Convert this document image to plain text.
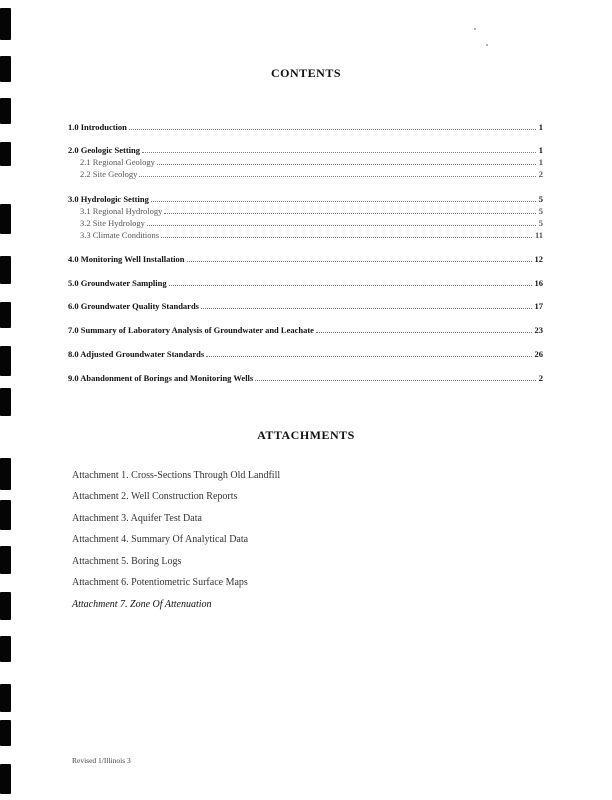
CONTENTS
1.0 Introduction	1
2.0 Geologic Setting	1
2.1 Regional Geology	1
2.2 Site Geology	2
3.0 Hydrologic Setting	5
3.1 Regional Hydrology	5
3.2 Site Hydrology	5
3.3 Climate Conditions	11
4.0 Monitoring Well Installation	12
5.0 Groundwater Sampling	16
6.0 Groundwater Quality Standards	17
7.0 Summary of Laboratory Analysis of Groundwater and Leachate	23
8.0 Adjusted Groundwater Standards	26
9.0 Abandonment of Borings and Monitoring Wells	2
ATTACHMENTS
Attachment 1. Cross-Sections Through Old Landfill
Attachment 2. Well Construction Reports
Attachment 3. Aquifer Test Data
Attachment 4. Summary Of Analytical Data
Attachment 5. Boring Logs
Attachment 6. Potentiometric Surface Maps
Attachment 7. Zone Of Attenuation
Revised 1/Illinois 3
